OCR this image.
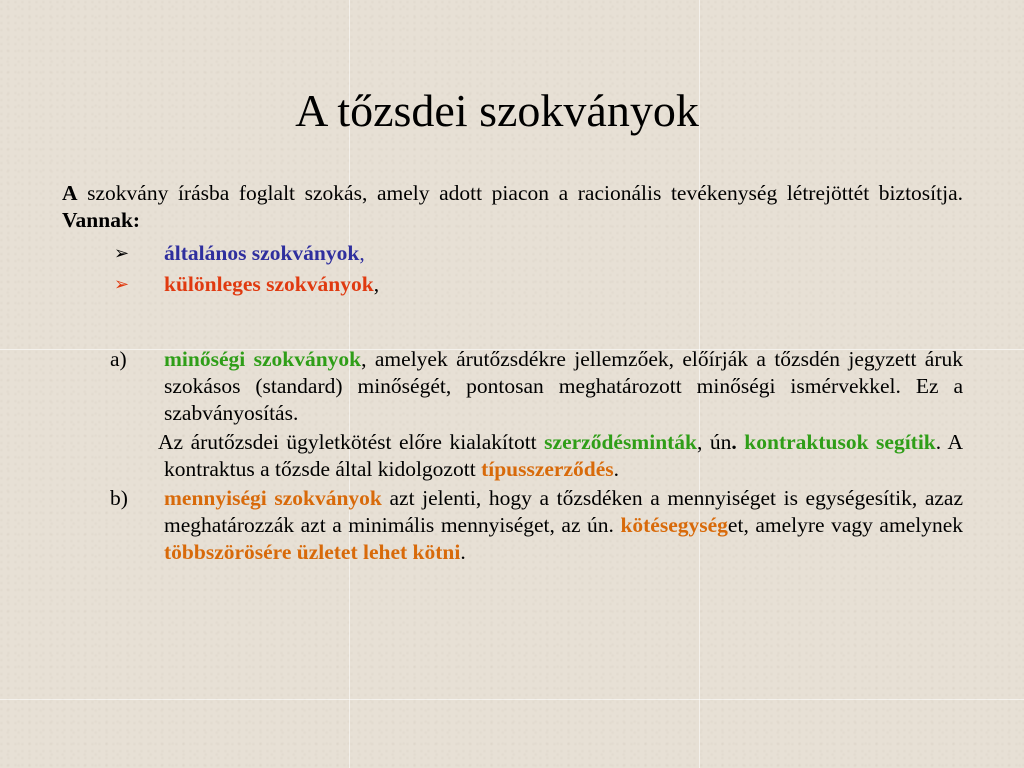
A tőzsdei szokványok

A szokvány írásba foglalt szokás, amely adott piacon a racionális tevékenység létrejöttét biztosítja. Vannak:

➢ általános szokványok,
➢ különleges szokványok,

a) minőségi szokványok, amelyek árutőzsdékre jellemzőek, előírják a tőzsdén jegyzett áruk szokásos (standard) minőségét, pontosan meghatározott minőségi ismérvekkel. Ez a szabványosítás.

Az árutőzsdei ügyletkötést előre kialakított szerződésminták, ún. kontraktusok segítik. A kontraktus a tőzsde által kidolgozott típusszerződés.

b) mennyiségi szokványok azt jelenti, hogy a tőzsdéken a mennyiséget is egységesítik, azaz meghatározzák azt a minimális mennyiséget, az ún. kötésegységet, amelyre vagy amelynek többszörösére üzletet lehet kötni.
